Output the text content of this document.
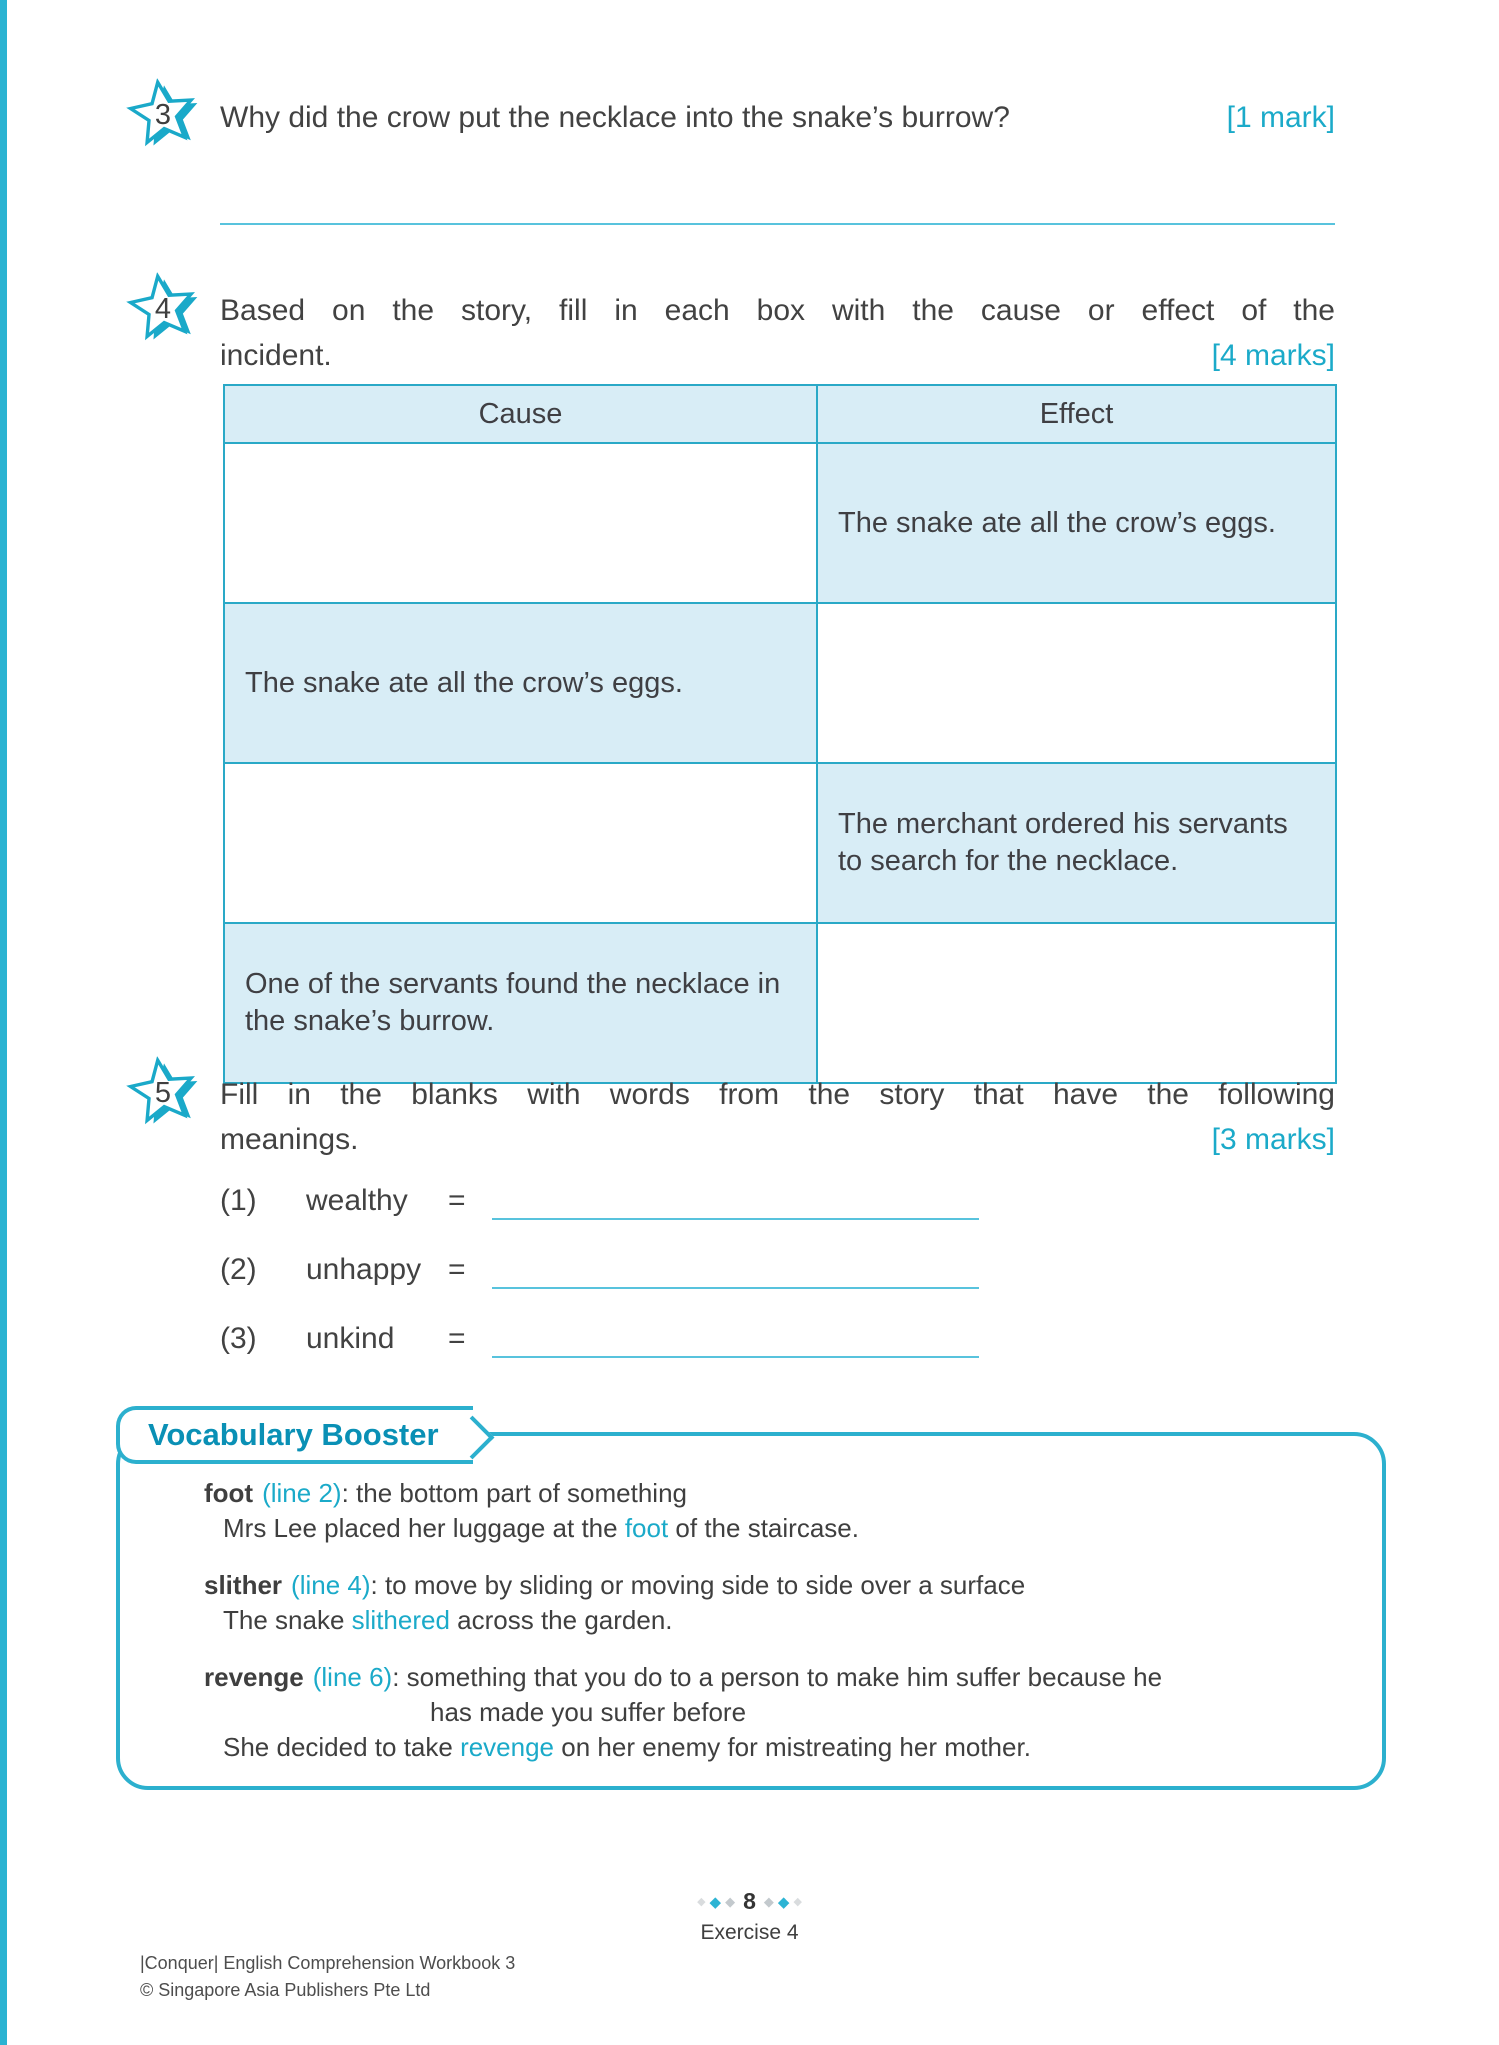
3	Why did the crow put the necklace into the snake’s burrow?	[1 mark]
4	Based on the story, fill in each box with the cause or effect of the
incident.	[4 marks]
Cause	Effect
	The snake ate all the crow’s eggs.
The snake ate all the crow’s eggs.	
	The merchant ordered his servants to search for the necklace.
One of the servants found the necklace in the snake’s burrow.	
5	Fill in the blanks with words from the story that have the following
meanings.	[3 marks]
(1)	wealthy	=

(2)	unhappy =

(3)	unkind	=

Vocabulary Booster
foot (line 2): the bottom part of something
Mrs Lee placed her luggage at the foot of the staircase.
slither (line 4): to move by sliding or moving side to side over a surface
The snake slithered across the garden.
revenge (line 6): something that you do to a person to make him suffer because he
has made you suffer before
She decided to take revenge on her enemy for mistreating her mother.
◆ ◆ ◆ 8 ◆ ◆ ◆
Exercise 4
|Conquer| English Comprehension Workbook 3
© Singapore Asia Publishers Pte Ltd
